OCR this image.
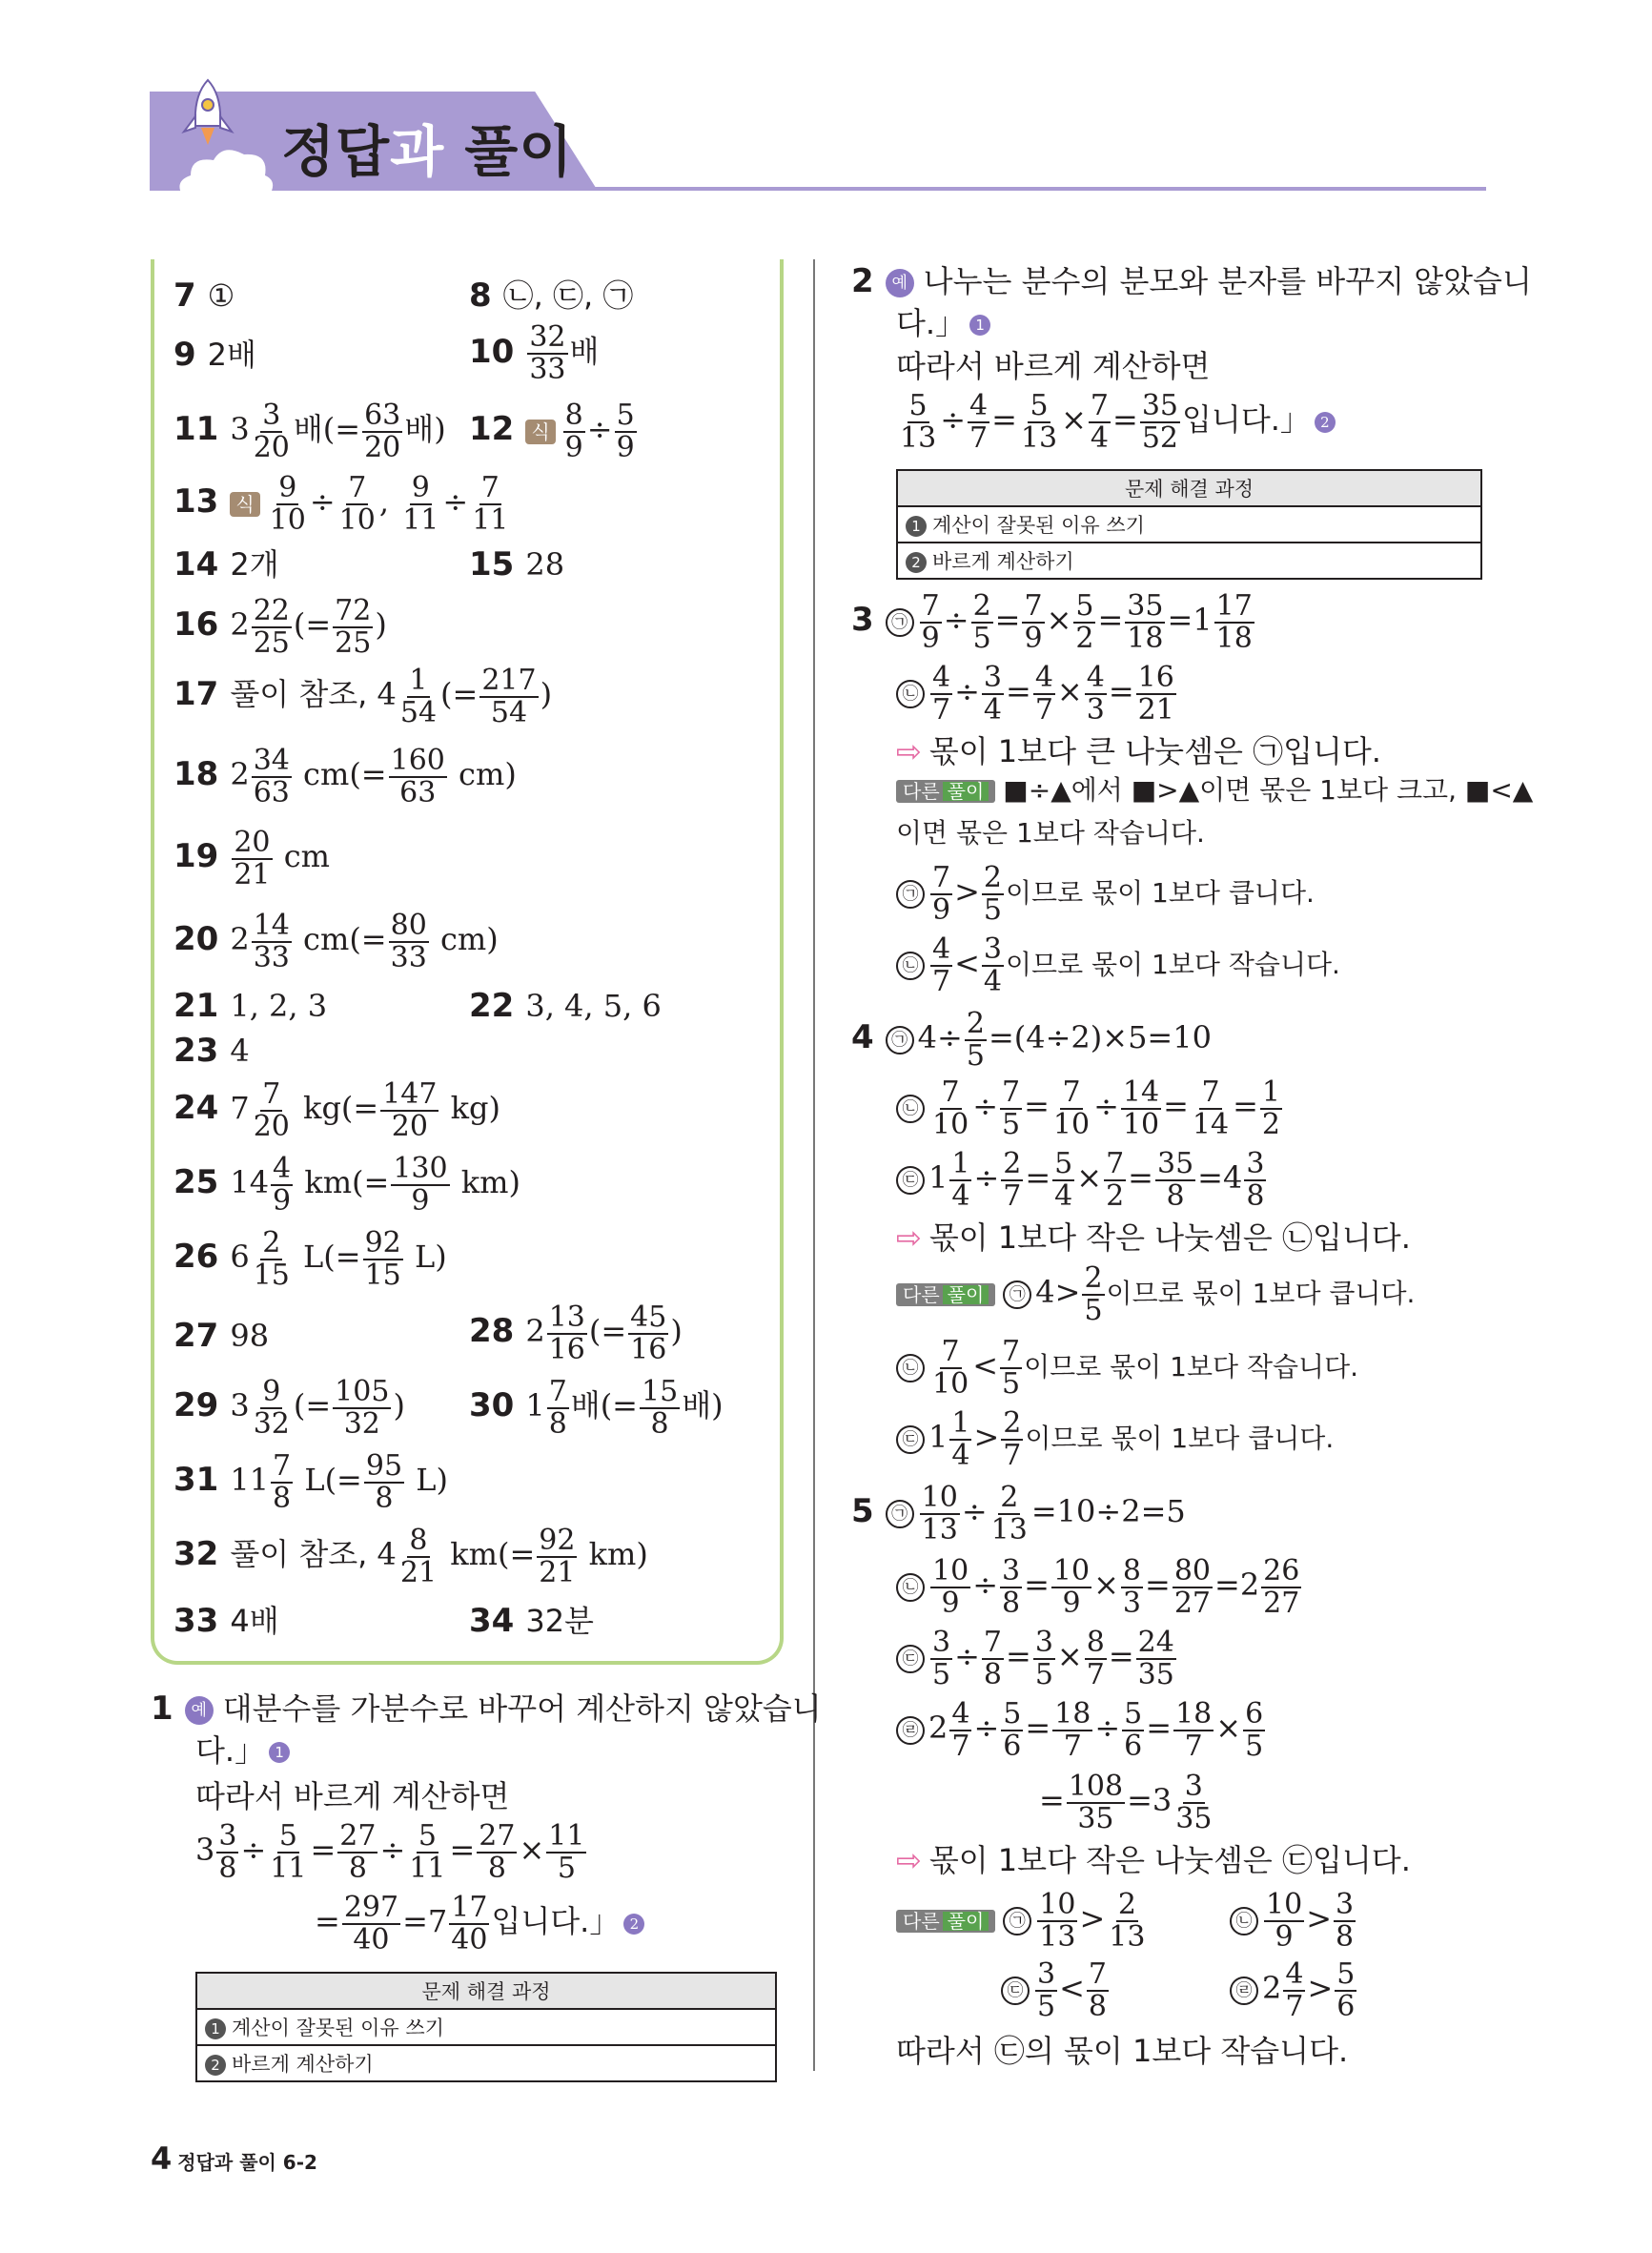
정답과 풀이
7 ①	8 ㉡, ㉢, ㉠
9 2배	$10 \frac{32}{33}$ 배
11 $3 \frac{3}{20}$ 배(= $\frac{63}{20}$ 배) 12 식 $\frac{8}{9} \div \frac{5}{9}$
13 식 $\frac{9}{10} \div \frac{7}{10}$ , $\frac{9}{11} \div \frac{7}{11}$
14 2개	15 28
16 $2 \frac{22}{25}$ (= $\frac{72}{25}$ )
17 풀이 참조, $4 \frac{1}{54}$ (= $\frac{217}{54}$ )
18 $2 \frac{34}{63} cm(= \frac{160}{63} cm)$
$19 \frac{20}{21}$ cm
20 $2 \frac{14}{33} cm(= \frac{80}{33} cm)$
21 1, 2, 3	22 3, 4, 5, 6
23 4
24 $7 \frac{7}{20} kg(= \frac{147}{20} kg)$
25 $14 \frac{4}{9} km(= \frac{130}{9} km)$
26 $6 \frac{2}{15} L(= \frac{92}{15} L)$
27 98	28 $2 \frac{13}{16}$ (= $\frac{45}{16}$ )
29 $3 \frac{9}{32}$ (= $\frac{105}{32}$ ) 30 $1 \frac{7}{8}$ 배(= $\frac{15}{8}$ 배)
31 $11 \frac{7}{8} L(= \frac{95}{8} L)$
32 풀이 참조, $4 \frac{8}{21} km(= \frac{92}{21} km)$
33 4배	34 32분
1 예 대분수를 가분수로 바꾸어 계산하지 않았습니
다.」 1
따라서 바르게 계산하면
$3 \frac{3}{8} \div \frac{5}{11} = \frac{27}{8} \div \frac{5}{11} = \frac{27}{8} \times \frac{11}{5}$
= $\frac{297}{40} =7 \frac{17}{40}$ 입니다.」 2
문제 해결 과정
1 계산이 잘못된 이유 쓰기
2 바르게 계산하기
2 예 나누는 분수의 분모와 분자를 바꾸지 않았습니
다.」 1
따라서 바르게 계산하면
$\frac{5}{13} \div \frac{4}{7} = \frac{5}{13} \times \frac{7}{4} = \frac{35}{52}$ 입니다.」 2
문제 해결 과정
1 계산이 잘못된 이유 쓰기
2 바르게 계산하기
3 ㉠ $\frac{7}{9} \div \frac{2}{5} = \frac{7}{9} \times \frac{5}{2} = \frac{35}{18} =1 \frac{17}{18}$
㉡ $\frac{4}{7} \div \frac{3}{4} = \frac{4}{7} \times \frac{4}{3} = \frac{16}{21}$
⇨ 몫이 1보다 큰 나눗셈은 ㉠입니다.
다른 풀이 ■÷▲에서 ■>▲이면 몫은 1보다 크고, ■<▲
이면 몫은 1보다 작습니다.
㉠ $\frac{7}{9} > \frac{2}{5}$ 이므로 몫이 1보다 큽니다.
㉡ $\frac{4}{7} < \frac{3}{4}$ 이므로 몫이 1보다 작습니다.
4 ㉠ $4\div \frac{2}{5} =(4\div 2)\times 5=10$
㉡ $\frac{7}{10} \div \frac{7}{5} = \frac{7}{10} \div \frac{14}{10} = \frac{7}{14} = \frac{1}{2}$
㉢ $1 \frac{1}{4} \div \frac{2}{7} = \frac{5}{4} \times \frac{7}{2} = \frac{35}{8} =4 \frac{3}{8}$
⇨ 몫이 1보다 작은 나눗셈은 ㉡입니다.
다른 풀이 ㉠ $4> \frac{2}{5}$ 이므로 몫이 1보다 큽니다.
㉡ $\frac{7}{10} < \frac{7}{5}$ 이므로 몫이 1보다 작습니다.
㉢ $1 \frac{1}{4} > \frac{2}{7}$ 이므로 몫이 1보다 큽니다.
5 ㉠ $\frac{10}{13} \div \frac{2}{13} =10\div 2=5$
㉡ $\frac{10}{9} \div \frac{3}{8} = \frac{10}{9} \times \frac{8}{3} = \frac{80}{27} =2 \frac{26}{27}$
㉢ $\frac{3}{5} \div \frac{7}{8} = \frac{3}{5} \times \frac{8}{7} = \frac{24}{35}$
㉣ $2 \frac{4}{7} \div \frac{5}{6} = \frac{18}{7} \div \frac{5}{6} = \frac{18}{7} \times \frac{6}{5}$
= $\frac{108}{35} =3 \frac{3}{35}$
⇨ 몫이 1보다 작은 나눗셈은 ㉢입니다.
다른 풀이 ㉠ $\frac{10}{13} > \frac{2}{13}$	㉡ $\frac{10}{9} > \frac{3}{8}$
㉢ $\frac{3}{5} < \frac{7}{8}$	㉣ $2 \frac{4}{7} > \frac{5}{6}$
따라서 ㉢의 몫이 1보다 작습니다.
4 정답과 풀이 6-2
